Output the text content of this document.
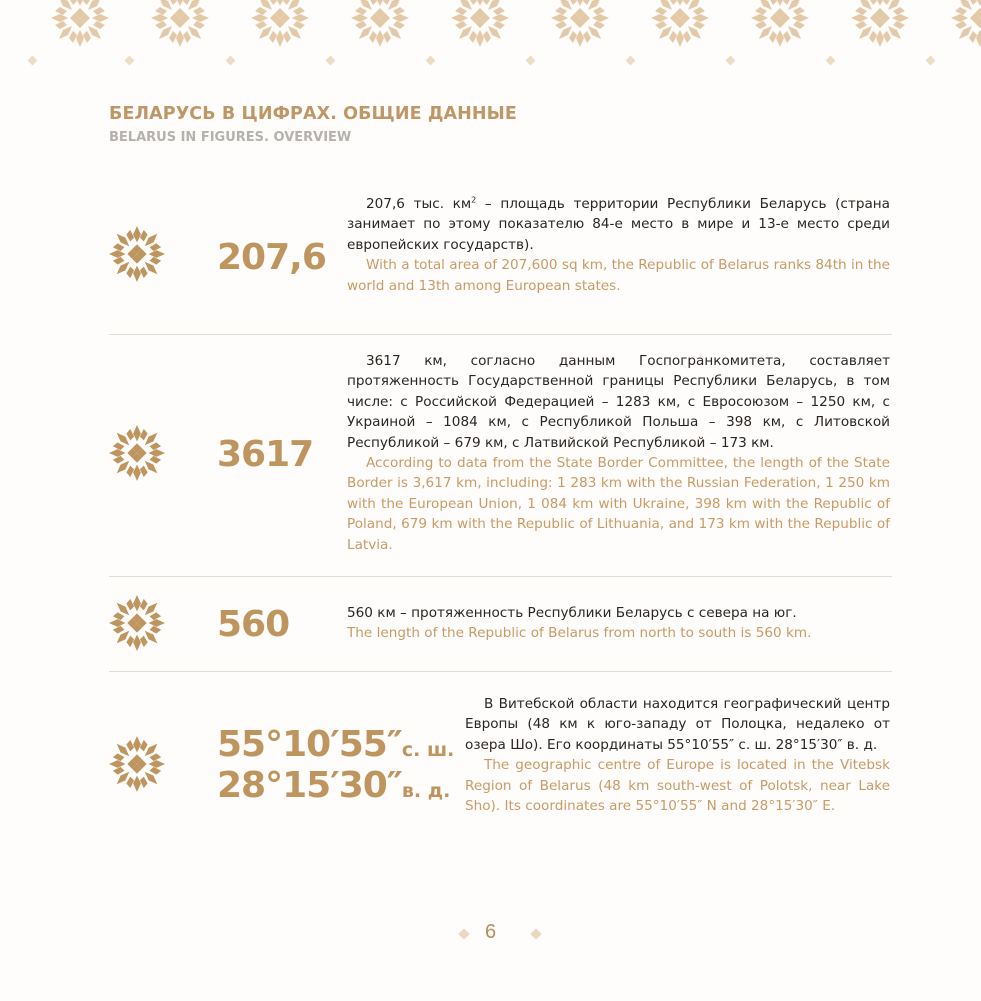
БЕЛАРУСЬ В ЦИФРАХ. ОБЩИЕ ДАННЫЕ
BELARUS IN FIGURES. OVERVIEW
207,6

207,6 тыс. $км^2$ – площадь территории Республики Беларусь (страна занимает по этому показателю 84-е место в мире и 13-е место среди европейских государств).

With a total area of 207,600 sq km, the Republic of Belarus ranks 84th in the world and 13th among European states.

3617

3617 км, согласно данным Госпогранкомитета, составляет протяженность Государственной границы Республики Беларусь, в том числе: с Российской Федерацией – 1283 км, с Евросоюзом – 1250 км, с Украиной – 1084 км, с Республикой Польша – 398 км, с Литовской Республикой – 679 км, с Латвийской Республикой – 173 км.

According to data from the State Border Committee, the length of the State Border is 3,617 km, including: 1 283 km with the Russian Federation, 1 250 km with the European Union, 1 084 km with Ukraine, 398 km with the Republic of Poland, 679 km with the Republic of Lithuania, and 173 km with the Republic of Latvia.

560	560 км – протяженность Республики Беларусь с севера на юг.

The length of the Republic of Belarus from north to south is 560 km.

55°10′55″с. ш.
28°15′30″в. д.

В Витебской области находится географический центр Европы (48 км к юго-западу от Полоцка, недалеко от озера Шо). Его координаты 55°10′55″ с. ш. 28°15′30″ в. д.

The geographic centre of Europe is located in the Vitebsk Region of Belarus (48 km south-west of Polotsk, near Lake Sho). Its coordinates are 55°10′55″ N and 28°15′30″ E.

6
